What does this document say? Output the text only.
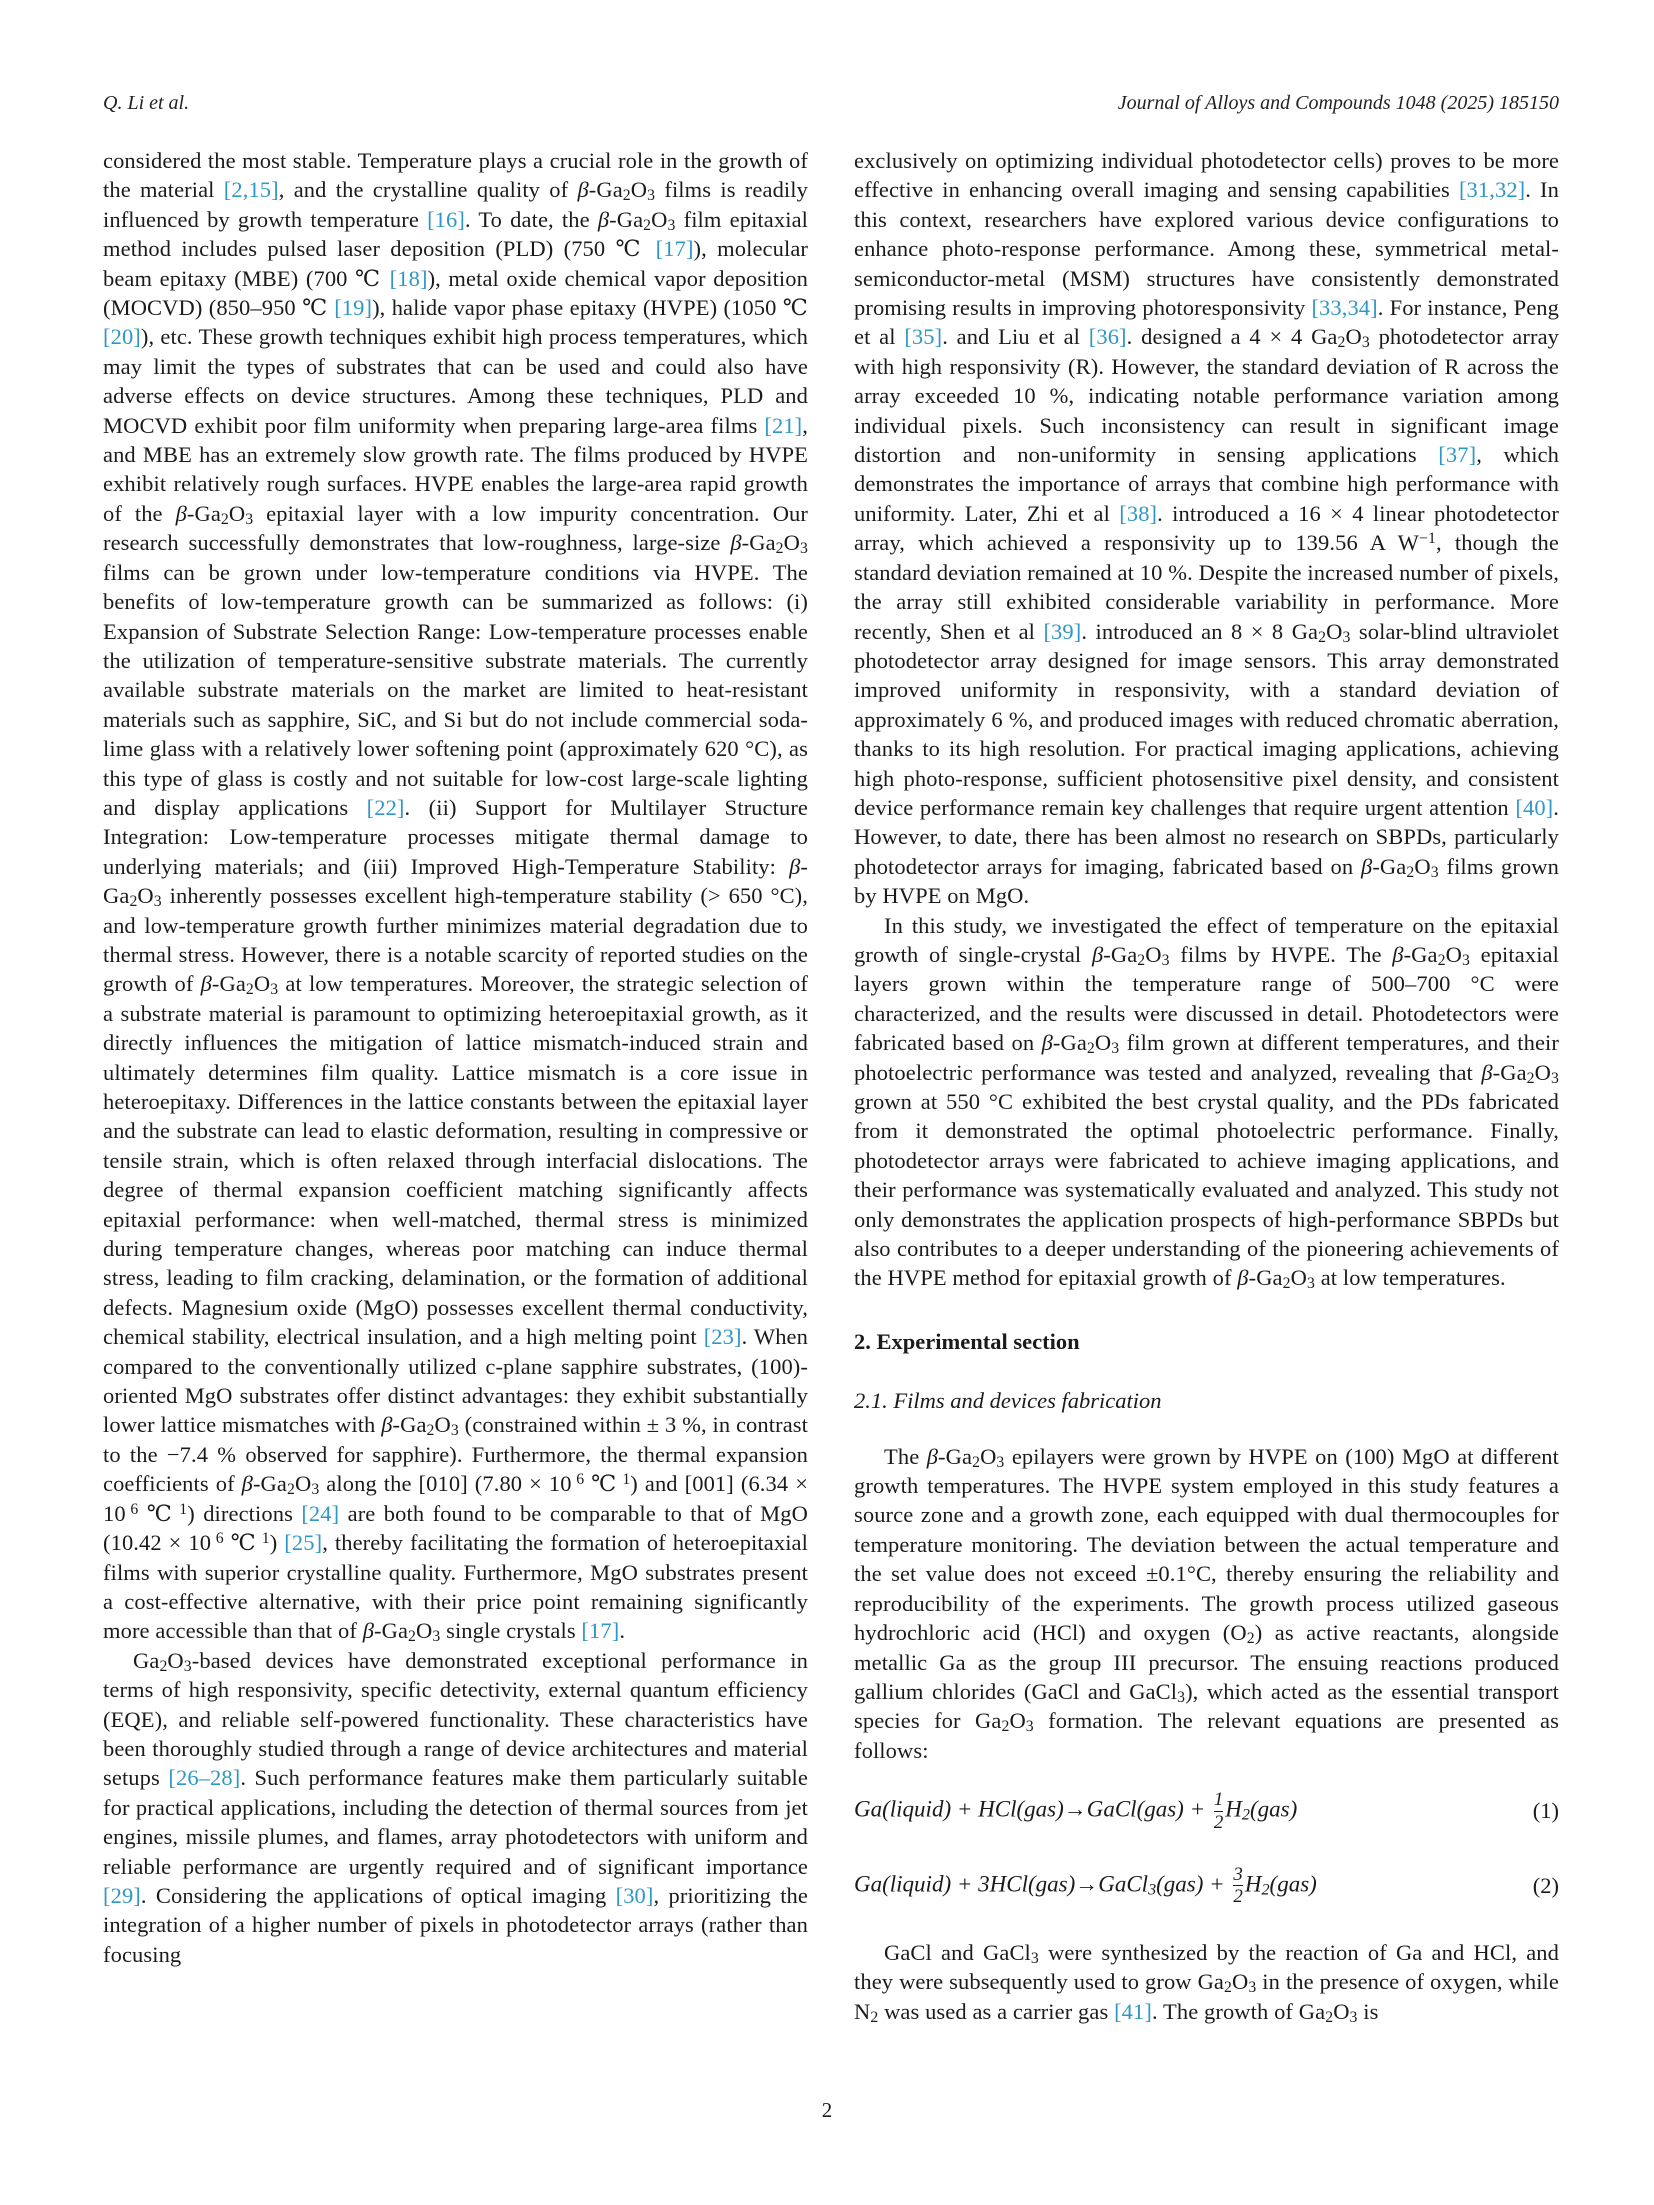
Q. Li et al.	Journal of Alloys and Compounds 1048 (2025) 185150

considered the most stable. Temperature plays a crucial role in the growth of the material [2,15], and the crystalline quality of $\beta-Ga_2O_3$ films is readily influenced by growth temperature [16]. To date, the $\beta-Ga_2O_3$ film epitaxial method includes pulsed laser deposition (PLD) (750 ℃ [17]), molecular beam epitaxy (MBE) (700 ℃ [18]), metal oxide chemical vapor deposition (MOCVD) (850–950 ℃ [19]), halide vapor phase epitaxy (HVPE) (1050 ℃ [20]), etc. These growth techniques exhibit high process temperatures, which may limit the types of substrates that can be used and could also have adverse effects on device structures. Among these techniques, PLD and MOCVD exhibit poor film uniformity when preparing large-area films [21], and MBE has an extremely slow growth rate. The films produced by HVPE exhibit relatively rough surfaces. HVPE enables the large-area rapid growth of the $\beta-Ga_2O_3$ epitaxial layer with a low impurity concentration. Our research successfully demonstrates that low-roughness, large-size $\beta-Ga_2O_3$ films can be grown under low-temperature conditions via HVPE. The benefits of low-temperature growth can be summarized as follows: (i) Expansion of Substrate Selection Range: Low-temperature processes enable the utilization of temperature-sensitive substrate materials. The currently available substrate materials on the market are limited to heat-resistant materials such as sapphire, SiC, and Si but do not include commercial soda-lime glass with a relatively lower softening point (approximately 620 °C), as this type of glass is costly and not suitable for low-cost large-scale lighting and display applications [22]. (ii) Support for Multilayer Structure Integration: Low-temperature processes mitigate thermal damage to underlying materials; and (iii) Improved High-Temperature Stability: $\beta-Ga_2O_3$ inherently possesses excellent high-temperature stability (> 650 °C), and low-temperature growth further minimizes material degradation due to thermal stress. However, there is a notable scarcity of reported studies on the growth of $\beta-Ga_2O_3$ at low temperatures. Moreover, the strategic selection of a substrate material is paramount to optimizing heteroepitaxial growth, as it directly influences the mitigation of lattice mismatch-induced strain and ultimately determines film quality. Lattice mismatch is a core issue in heteroepitaxy. Differences in the lattice constants between the epitaxial layer and the substrate can lead to elastic deformation, resulting in compressive or tensile strain, which is often relaxed through interfacial dislocations. The degree of thermal expansion coefficient matching significantly affects epitaxial performance: when well-matched, thermal stress is minimized during temperature changes, whereas poor matching can induce thermal stress, leading to film cracking, delamination, or the formation of additional defects. Magnesium oxide (MgO) possesses excellent thermal conductivity, chemical stability, electrical insulation, and a high melting point [23]. When compared to the conventionally utilized c-plane sapphire substrates, (100)-oriented MgO substrates offer distinct advantages: they exhibit substantially lower lattice mismatches with $\beta-Ga_2O_3$ (constrained within ± 3 %, in contrast to the −7.4 % observed for sapphire). Furthermore, the thermal expansion coefficients of $\beta-Ga_2O_3$ along the [010] (7.80 × 10 $^6$ ℃ $^1$) and [001] (6.34 × 10 $^6$ ℃ $^1$) directions [24] are both found to be comparable to that of MgO (10.42 × 10 $^6$ ℃ $^1$) [25], thereby facilitating the formation of heteroepitaxial films with superior crystalline quality. Furthermore, MgO substrates present a cost-effective alternative, with their price point remaining significantly more accessible than that of $\beta-Ga_2O_3$ single crystals [17].

$Ga_2O_3$-based devices have demonstrated exceptional performance in terms of high responsivity, specific detectivity, external quantum efficiency (EQE), and reliable self-powered functionality. These characteristics have been thoroughly studied through a range of device architectures and material setups [26–28]. Such performance features make them particularly suitable for practical applications, including the detection of thermal sources from jet engines, missile plumes, and flames, array photodetectors with uniform and reliable performance are urgently required and of significant importance [29]. Considering the applications of optical imaging [30], prioritizing the integration of a higher number of pixels in photodetector arrays (rather than focusing

exclusively on optimizing individual photodetector cells) proves to be more effective in enhancing overall imaging and sensing capabilities [31,32]. In this context, researchers have explored various device configurations to enhance photo-response performance. Among these, symmetrical metal-semiconductor-metal (MSM) structures have consistently demonstrated promising results in improving photoresponsivity [33,34]. For instance, Peng et al [35]. and Liu et al [36]. designed a 4 × 4 $Ga_2O_3$ photodetector array with high responsivity (R). However, the standard deviation of R across the array exceeded 10 %, indicating notable performance variation among individual pixels. Such inconsistency can result in significant image distortion and non-uniformity in sensing applications [37], which demonstrates the importance of arrays that combine high performance with uniformity. Later, Zhi et al [38]. introduced a 16 × 4 linear photodetector array, which achieved a responsivity up to 139.56 A $W^{-1}$, though the standard deviation remained at 10 %. Despite the increased number of pixels, the array still exhibited considerable variability in performance. More recently, Shen et al [39]. introduced an 8 × 8 $Ga_2O_3$ solar-blind ultraviolet photodetector array designed for image sensors. This array demonstrated improved uniformity in responsivity, with a standard deviation of approximately 6 %, and produced images with reduced chromatic aberration, thanks to its high resolution. For practical imaging applications, achieving high photo-response, sufficient photosensitive pixel density, and consistent device performance remain key challenges that require urgent attention [40]. However, to date, there has been almost no research on SBPDs, particularly photodetector arrays for imaging, fabricated based on $\beta-Ga_2O_3$ films grown by HVPE on MgO.

In this study, we investigated the effect of temperature on the epitaxial growth of single-crystal $\beta-Ga_2O_3$ films by HVPE. The $\beta-Ga_2O_3$ epitaxial layers grown within the temperature range of 500–700 °C were characterized, and the results were discussed in detail. Photodetectors were fabricated based on $\beta-Ga_2O_3$ film grown at different temperatures, and their photoelectric performance was tested and analyzed, revealing that $\beta-Ga_2O_3$ grown at 550 °C exhibited the best crystal quality, and the PDs fabricated from it demonstrated the optimal photoelectric performance. Finally, photodetector arrays were fabricated to achieve imaging applications, and their performance was systematically evaluated and analyzed. This study not only demonstrates the application prospects of high-performance SBPDs but also contributes to a deeper understanding of the pioneering achievements of the HVPE method for epitaxial growth of $\beta-Ga_2O_3$ at low temperatures.

2. Experimental section
2.1. Films and devices fabrication

The $\beta-Ga_2O_3$ epilayers were grown by HVPE on (100) MgO at different growth temperatures. The HVPE system employed in this study features a source zone and a growth zone, each equipped with dual thermocouples for temperature monitoring. The deviation between the actual temperature and the set value does not exceed ±0.1°C, thereby ensuring the reliability and reproducibility of the experiments. The growth process utilized gaseous hydrochloric acid (HCl) and oxygen $(O_2)$ as active reactants, alongside metallic Ga as the group III precursor. The ensuing reactions produced gallium chlorides (GaCl and GaCl$_3$), which acted as the essential transport species for $Ga_2O_3$ formation. The relevant equations are presented as follows:

Ga(liquid) + HCl(gas)→GaCl(gas) + $\frac{1}{2} H_2(gas)$	(1)
Ga(liquid) + 3HCl(gas)→GaCl$_3$(gas) + $\frac{3}{2} H_2(gas)$	(2)

GaCl and GaCl$_3$ were synthesized by the reaction of Ga and HCl, and they were subsequently used to grow $Ga_2O_3$ in the presence of oxygen, while $N_2$ was used as a carrier gas [41]. The growth of $Ga_2O_3$ is

2
